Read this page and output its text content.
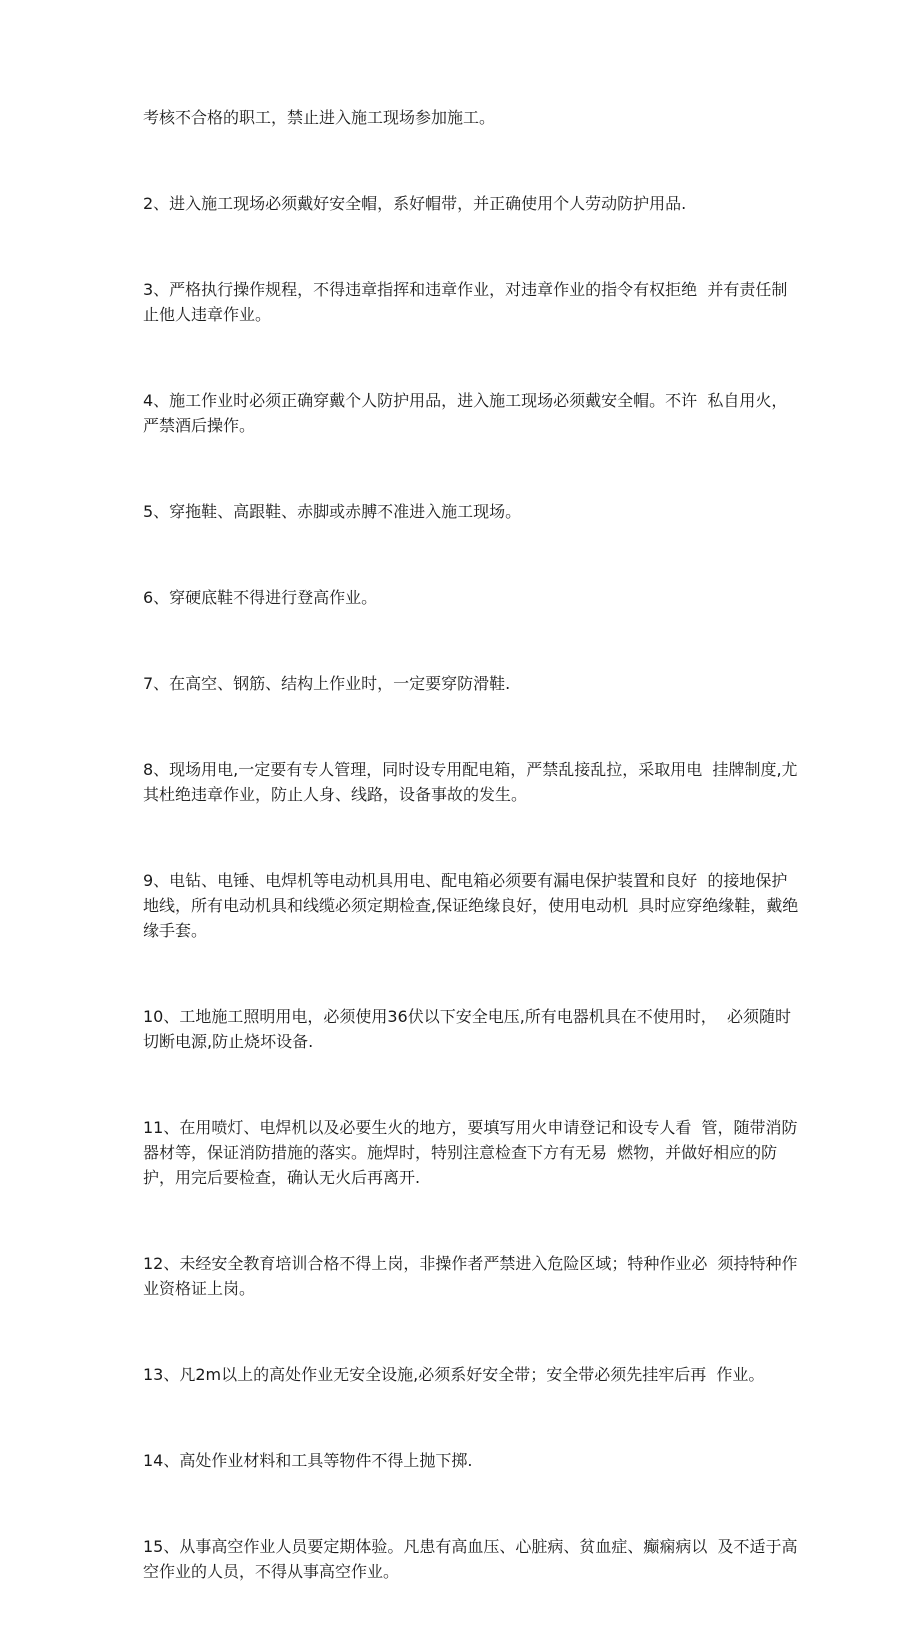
考核不合格的职工，禁止进入施工现场参加施工。

2、进入施工现场必须戴好安全帽，系好帽带，并正确使用个人劳动防护用品.

3、严格执行操作规程，不得违章指挥和违章作业，对违章作业的指令有权拒绝  并有责任制止他人违章作业。

4、施工作业时必须正确穿戴个人防护用品，进入施工现场必须戴安全帽。不许  私自用火，严禁酒后操作。

5、穿拖鞋、高跟鞋、赤脚或赤膊不准进入施工现场。

6、穿硬底鞋不得进行登高作业。

7、在高空、钢筋、结构上作业时，一定要穿防滑鞋.

8、现场用电,一定要有专人管理，同时设专用配电箱，严禁乱接乱拉，采取用电  挂牌制度,尤其杜绝违章作业，防止人身、线路，设备事故的发生。

9、电钻、电锤、电焊机等电动机具用电、配电箱必须要有漏电保护装置和良好  的接地保护地线，所有电动机具和线缆必须定期检查,保证绝缘良好，使用电动机  具时应穿绝缘鞋，戴绝缘手套。

10、工地施工照明用电，必须使用36伏以下安全电压,所有电器机具在不使用时，  必须随时切断电源,防止烧坏设备.

11、在用喷灯、电焊机以及必要生火的地方，要填写用火申请登记和设专人看  管，随带消防器材等，保证消防措施的落实。施焊时，特别注意检查下方有无易  燃物，并做好相应的防护，用完后要检查，确认无火后再离开.

12、未经安全教育培训合格不得上岗，非操作者严禁进入危险区域；特种作业必  须持特种作业资格证上岗。

13、凡2m以上的高处作业无安全设施,必须系好安全带；安全带必须先挂牢后再  作业。

14、高处作业材料和工具等物件不得上抛下掷.

15、从事高空作业人员要定期体验。凡患有高血压、心脏病、贫血症、癫痫病以  及不适于高空作业的人员，不得从事高空作业。
